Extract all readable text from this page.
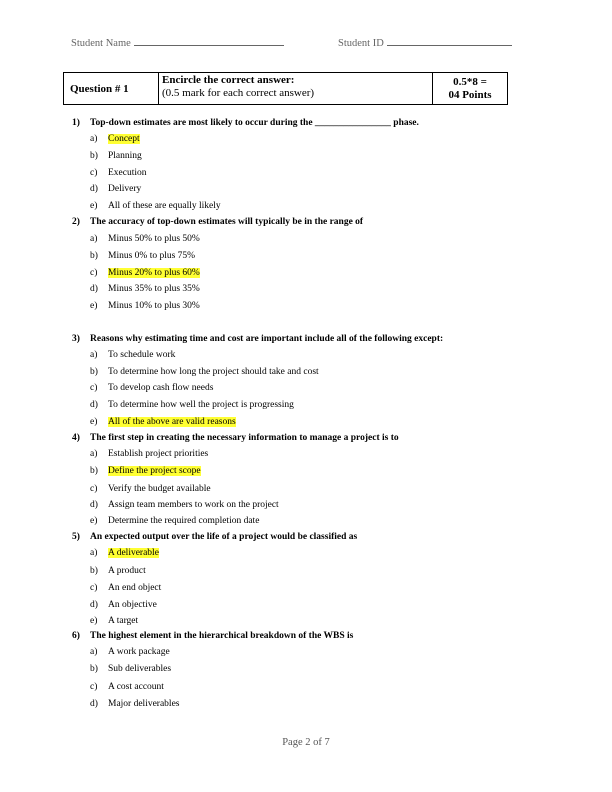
Student Name	Student ID
Question # 1
Encircle the correct answer:
(0.5 mark for each correct answer)
0.5*8 =
04 Points
1) Top-down estimates are most likely to occur during the ________________ phase.
a) Concept
b) Planning
c) Execution
d) Delivery
e) All of these are equally likely
2) The accuracy of top-down estimates will typically be in the range of
a) Minus 50% to plus 50%
b) Minus 0% to plus 75%
c) Minus 20% to plus 60%
d) Minus 35% to plus 35%
e) Minus 10% to plus 30%
3) Reasons why estimating time and cost are important include all of the following except:
a) To schedule work
b) To determine how long the project should take and cost
c) To develop cash flow needs
d) To determine how well the project is progressing
e) All of the above are valid reasons
4) The first step in creating the necessary information to manage a project is to
a) Establish project priorities
b) Define the project scope
c) Verify the budget available
d) Assign team members to work on the project
e) Determine the required completion date
5) An expected output over the life of a project would be classified as
a) A deliverable
b) A product
c) An end object
d) An objective
e) A target
6) The highest element in the hierarchical breakdown of the WBS is
a) A work package
b) Sub deliverables
c) A cost account
d) Major deliverables
Page 2 of 7
